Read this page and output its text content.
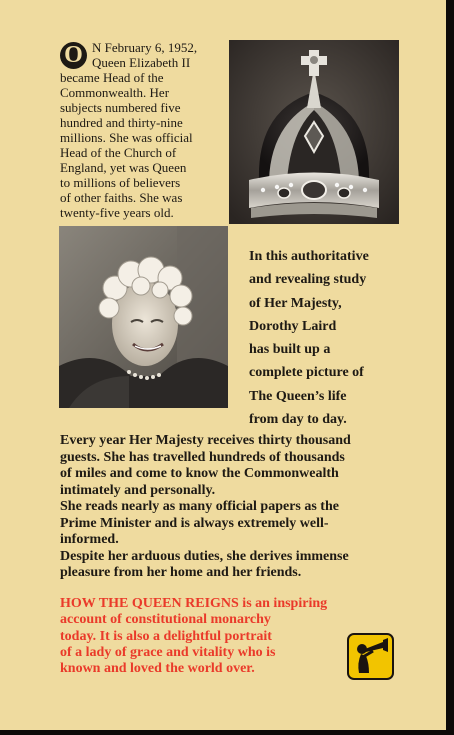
O N February 6, 1952,
Queen Elizabeth II
became Head of the
Commonwealth. Her
subjects numbered five
hundred and thirty-nine
millions. She was official
Head of the Church of
England, yet was Queen
to millions of believers
of other faiths. She was
twenty-five years old.
In this authoritative
and revealing study
of Her Majesty,
Dorothy Laird
has built up a
complete picture of
The Queen’s life
from day to day.
Every year Her Majesty receives thirty thousand
guests. She has travelled hundreds of thousands
of miles and come to know the Commonwealth
intimately and personally.
She reads nearly as many official papers as the
Prime Minister and is always extremely well-
informed.
Despite her arduous duties, she derives immense
pleasure from her home and her friends.
HOW THE QUEEN REIGNS is an inspiring
account of constitutional monarchy
today. It is also a delightful portrait
of a lady of grace and vitality who is
known and loved the world over.
